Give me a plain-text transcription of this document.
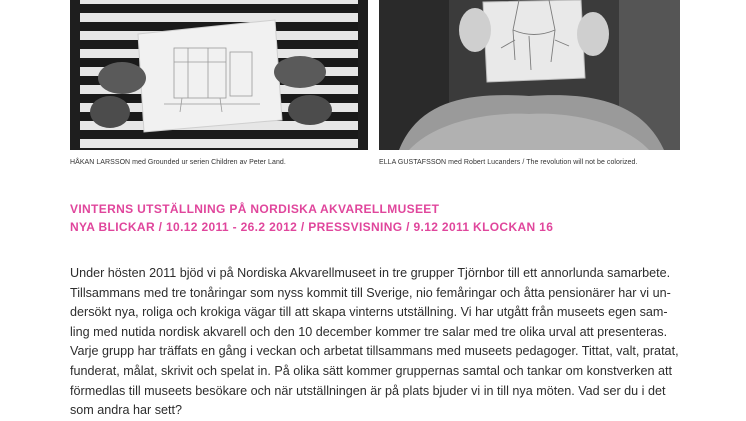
HÅKAN LARSSON med Grounded ur serien Children av Peter Land.	ELLA GUSTAFSSON med Robert Lucanders / The revolution will not be colorized.
VINTERNS UTSTÄLLNING PÅ NORDISKA AKVARELLMUSEET
NYA BLICKAR / 10.12 2011 - 26.2 2012 / PRESSVISNING / 9.12 2011 KLOCKAN 16
Under hösten 2011 bjöd vi på Nordiska Akvarellmuseet in tre grupper Tjörnbor till ett annorlunda samarbete.
Tillsammans med tre tonåringar som nyss kommit till Sverige, nio femåringar och åtta pensionärer har vi un-
dersökt nya, roliga och krokiga vägar till att skapa vinterns utställning. Vi har utgått från museets egen sam-
ling med nutida nordisk akvarell och den 10 december kommer tre salar med tre olika urval att presenteras.
Varje grupp har träffats en gång i veckan och arbetat tillsammans med museets pedagoger. Tittat, valt, pratat,
funderat, målat, skrivit och spelat in. På olika sätt kommer gruppernas samtal och tankar om konstverken att
förmedlas till museets besökare och när utställningen är på plats bjuder vi in till nya möten. Vad ser du i det
som andra har sett?
